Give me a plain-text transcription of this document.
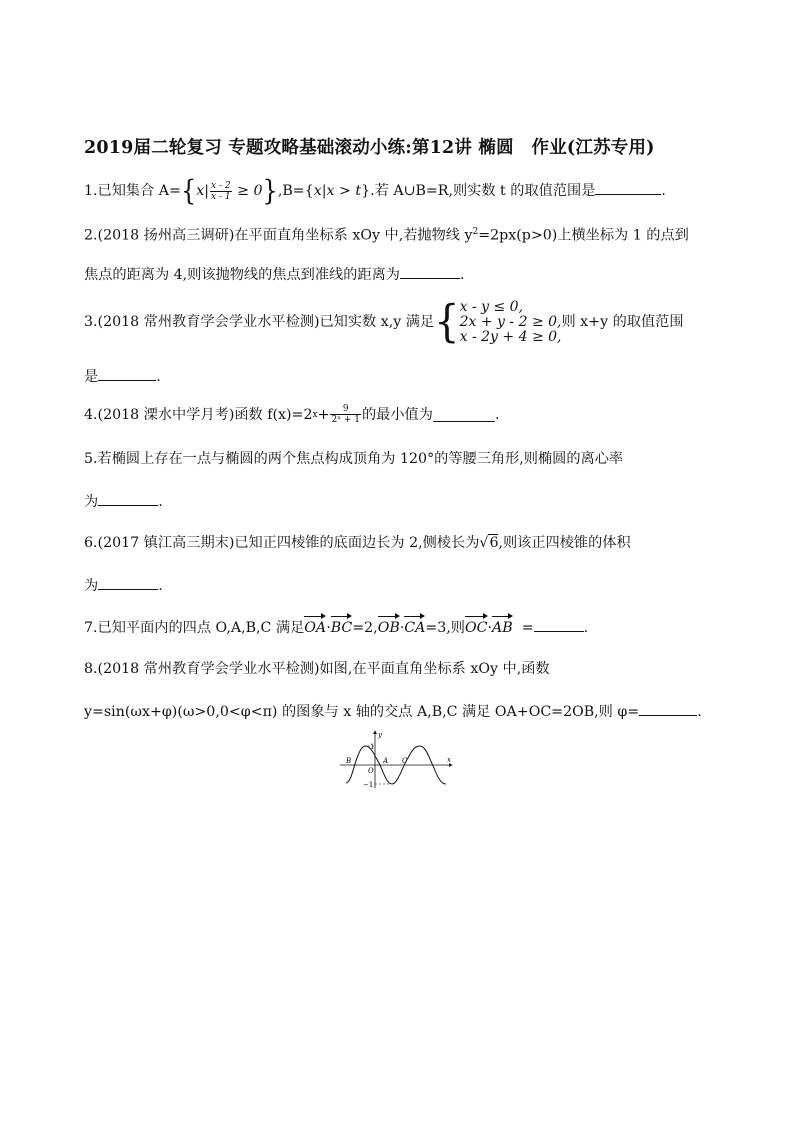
2019届二轮复习 专题攻略基础滚动小练:第12讲 椭圆　作业(江苏专用)
1.已知集合 $A=\{x| \frac{x - 2}{x - 1} \ge 0\},B=\{x|x > t\}$.若 A∪B=R,则实数 t 的取值范围是	.
2.(2018 扬州高三调研)在平面直角坐标系 xOy 中,若抛物线 $y^2=2px(p>0)$上横坐标为 1 的点到
焦点的距离为 4,则该抛物线的焦点到准线的距离为	.
3.(2018 常州教育学会学业水平检测)已知实数 x,y 满足 { x - y ≤ 0,
2x + y - 2 ≥ 0,
x - 2y + 4 ≥ 0,
则 x+y 的取值范围
是	.
4.(2018 溧水中学月考)函数 f(x)=2 $x + \frac{9}{\text{2ˣ + 1}}$ 的最小值为	.
5.若椭圆上存在一点与椭圆的两个焦点构成顶角为 120°的等腰三角形,则椭圆的离心率
为	.
6.(2017 镇江高三期末)已知正四棱锥的底面边长为 2,侧棱长为√6,则该正四棱锥的体积
为	.
7.已知平面内的四点 O,A,B,C 满足OA·BC=2,OB·CA=3,则OC·AB =	.
8.(2018 常州教育学会学业水平检测)如图,在平面直角坐标系 xOy 中,函数
y=sin(ωx+φ)(ω>0,0<φ<π) 的图象与 x 轴的交点 A,B,C 满足 OA+OC=2OB,则 φ=	.
y
x
1
−1
B
O
A C
